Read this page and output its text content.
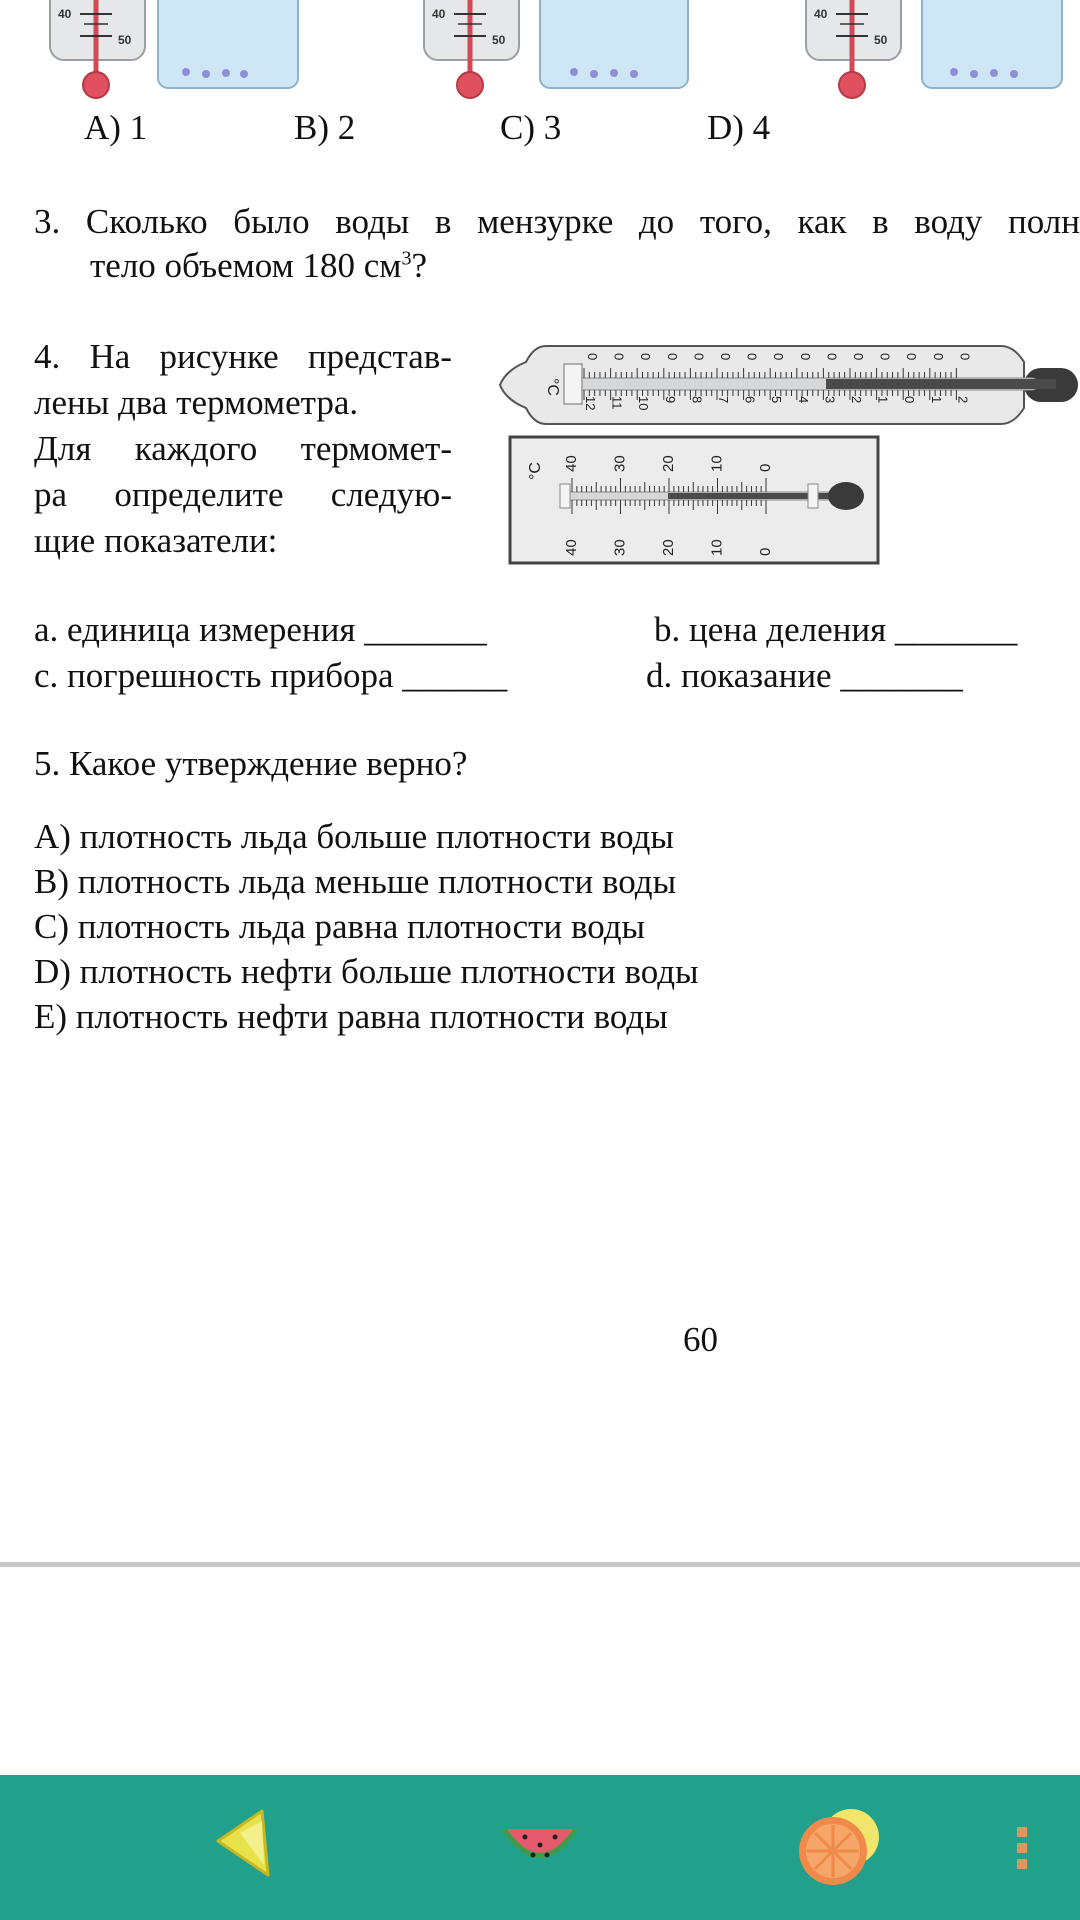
40
50
40
50
40
50
A) 1	B) 2	C) 3	D) 4
3. Сколько было воды в мензурке до того, как в воду полн
тело объемом 180 $см^3$?
4. На рисунке представ-
лены два термометра.
Для каждого термомет-
ра определите следую-
щие показатели:
°C
0
12
0
11
0
10
0
9
0
8
0
7
0
6
0
5
0
4
0
3
0
2
0
1
0
0
0
1
0
2
°C 40
40
30
30
20
20
10
10
0
0
a. единица измерения _______	b. цена деления _______
c. погрешность прибора ______	d. показание _______
5. Какое утверждение верно?
A) плотность льда больше плотности воды
B) плотность льда меньше плотности воды
C) плотность льда равна плотности воды
D) плотность нефти больше плотности воды
E) плотность нефти равна плотности воды
60
